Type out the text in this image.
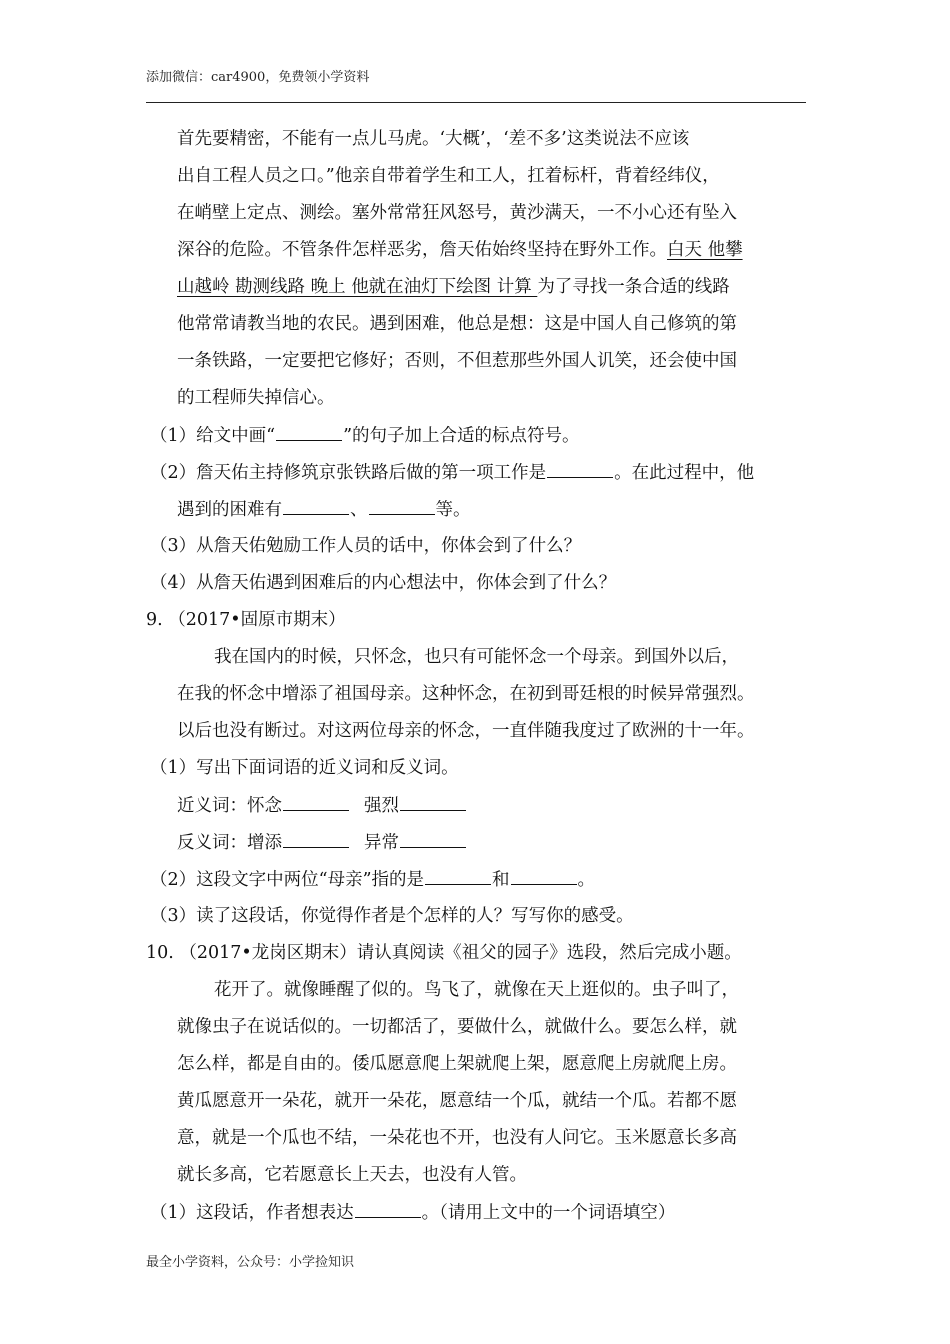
添加微信：car4900，免费领小学资料
首先要精密，不能有一点儿马虎。‘大概’，‘差不多’这类说法不应该
出自工程人员之口。”他亲自带着学生和工人，扛着标杆，背着经纬仪，
在峭壁上定点、测绘。塞外常常狂风怒号，黄沙满天，一不小心还有坠入
深谷的危险。不管条件怎样恶劣，詹天佑始终坚持在野外工作。白天 他攀
山越岭 勘测线路 晚上 他就在油灯下绘图 计算 为了寻找一条合适的线路
他常常请教当地的农民。遇到困难，他总是想：这是中国人自己修筑的第
一条铁路，一定要把它修好；否则，不但惹那些外国人讥笑，还会使中国
的工程师失掉信心。
（1）给文中画“	”的句子加上合适的标点符号。
（2）詹天佑主持修筑京张铁路后做的第一项工作是	。在此过程中，他
遇到的困难有	、	等。
（3）从詹天佑勉励工作人员的话中，你体会到了什么？
（4）从詹天佑遇到困难后的内心想法中，你体会到了什么？
9. （2017•固原市期末）
我在国内的时候，只怀念，也只有可能怀念一个母亲。到国外以后，
在我的怀念中增添了祖国母亲。这种怀念，在初到哥廷根的时候异常强烈。
以后也没有断过。对这两位母亲的怀念，一直伴随我度过了欧洲的十一年。
（1）写出下面词语的近义词和反义词。
近义词：怀念	强烈
反义词：增添	异常
（2）这段文字中两位“母亲”指的是	和	。
（3）读了这段话，你觉得作者是个怎样的人？写写你的感受。
10. （2017•龙岗区期末）请认真阅读《祖父的园子》选段，然后完成小题。
花开了。就像睡醒了似的。鸟飞了，就像在天上逛似的。虫子叫了，
就像虫子在说话似的。一切都活了，要做什么，就做什么。要怎么样，就
怎么样，都是自由的。倭瓜愿意爬上架就爬上架，愿意爬上房就爬上房。
黄瓜愿意开一朵花，就开一朵花，愿意结一个瓜，就结一个瓜。若都不愿
意，就是一个瓜也不结，一朵花也不开，也没有人问它。玉米愿意长多高
就长多高，它若愿意长上天去，也没有人管。
（1）这段话，作者想表达	。（请用上文中的一个词语填空）
最全小学资料，公众号：小学捡知识
